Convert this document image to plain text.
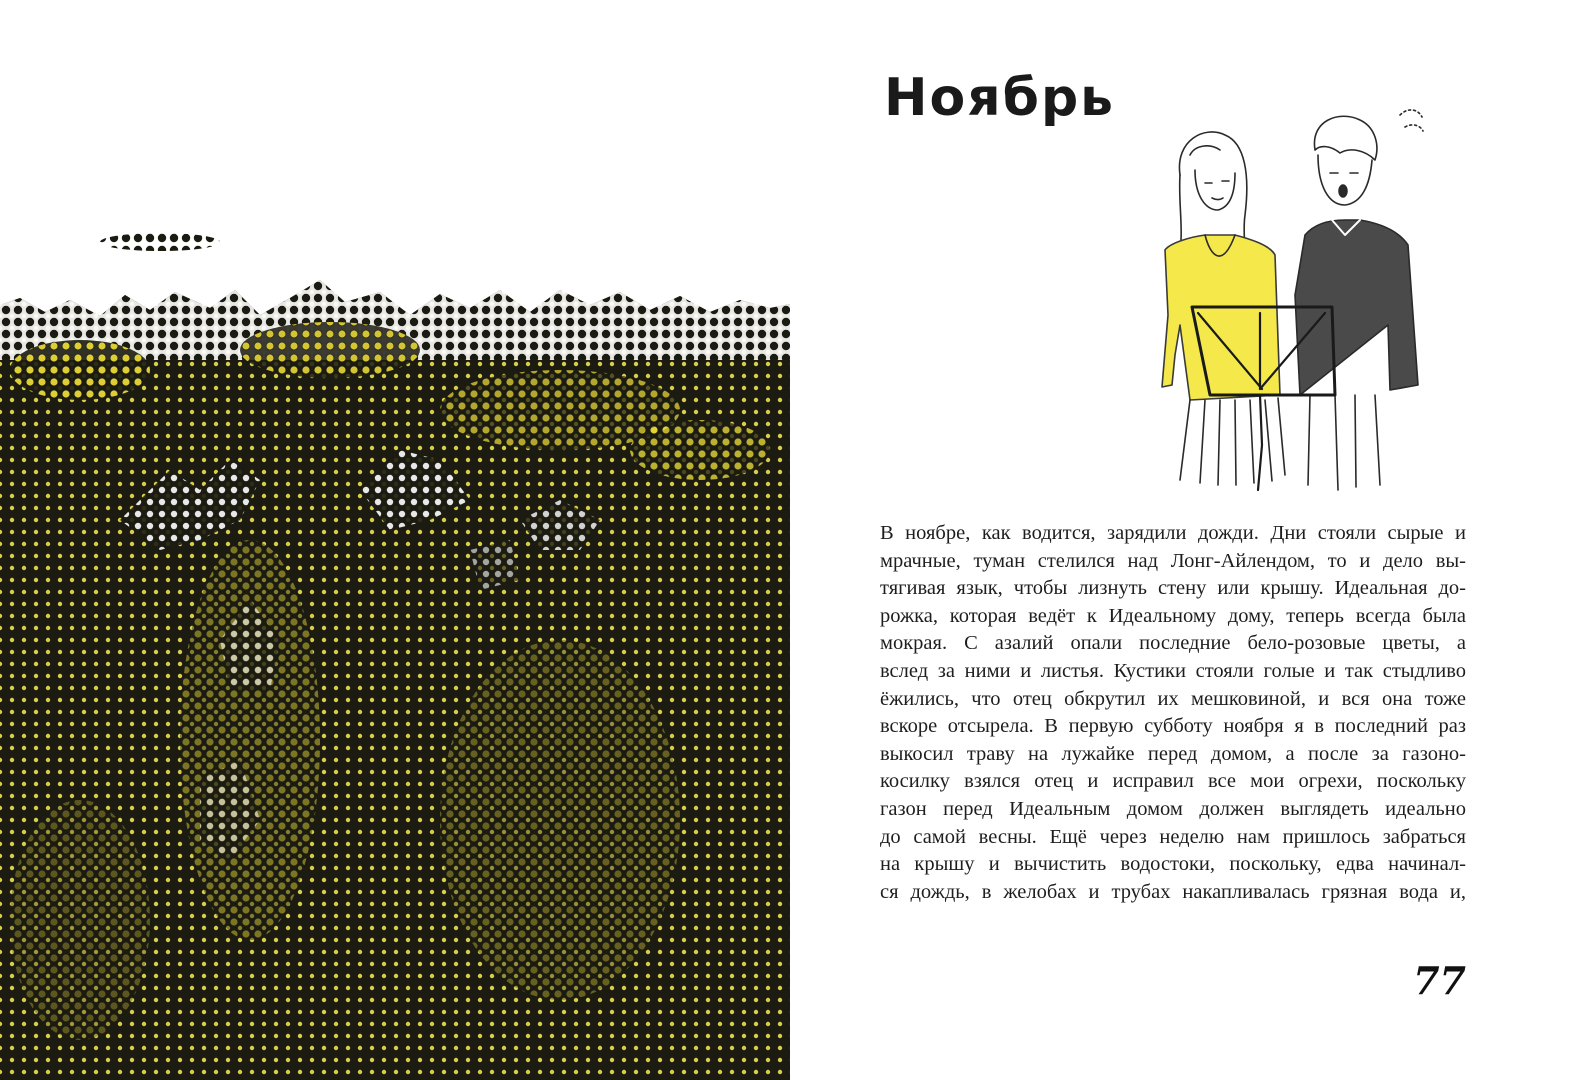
Ноябрь

В ноябре, как водится, зарядили дожди. Дни стояли сырые и
мрачные, туман стелился над Лонг-Айлендом, то и дело вы-
тягивая язык, чтобы лизнуть стену или крышу. Идеальная до-
рожка, которая ведёт к Идеальному дому, теперь всегда была
мокрая. С азалий опали последние бело-розовые цветы, а
вслед за ними и листья. Кустики стояли голые и так стыдливо
ёжились, что отец обкрутил их мешковиной, и вся она тоже
вскоре отсырела. В первую субботу ноября я в последний раз
выкосил траву на лужайке перед домом, а после за газоно-
косилку взялся отец и исправил все мои огрехи, поскольку
газон перед Идеальным домом должен выглядеть идеально
до самой весны. Ещё через неделю нам пришлось забраться
на крышу и вычистить водостоки, поскольку, едва начинал-
ся дождь, в желобах и трубах накапливалась грязная вода и,

77
